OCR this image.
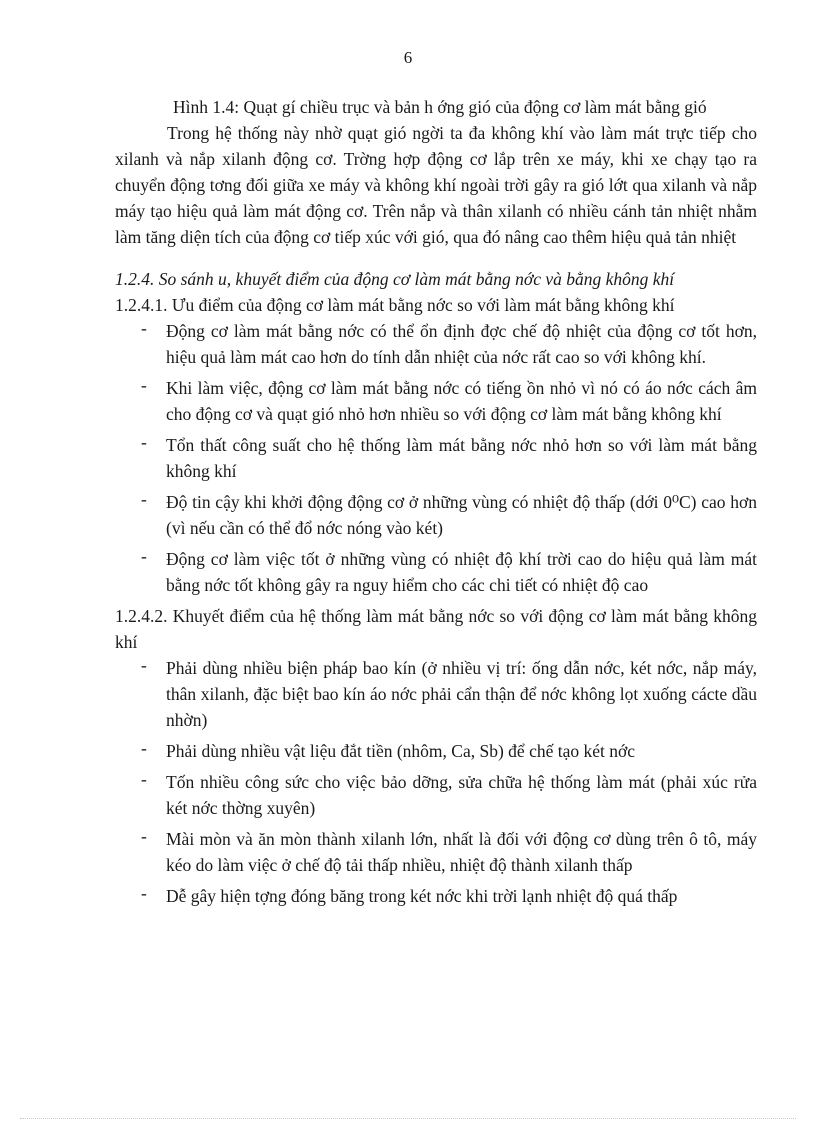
6

Hình 1.4: Quạt gí chiều trục và bản h ớng gió của động cơ làm mát bằng gió

Trong hệ thống này nhờ quạt gió ngời ta đa không khí vào làm mát trực tiếp cho xilanh và nắp xilanh động cơ. Trờng hợp động cơ lắp trên xe máy, khi xe chạy tạo ra chuyển động tơng đối giữa xe máy và không khí ngoài trời gây ra gió lớt qua xilanh và nắp máy tạo hiệu quả làm mát động cơ. Trên nắp và thân xilanh có nhiều cánh tản nhiệt nhằm làm tăng diện tích của động cơ tiếp xúc với gió, qua đó nâng cao thêm hiệu quả tản nhiệt

1.2.4. So sánh u, khuyết điểm của động cơ làm mát bằng nớc và bằng không khí

1.2.4.1. Ưu điểm của động cơ làm mát bằng nớc so với làm mát bằng không khí

- Động cơ làm mát bằng nớc có thể ổn định đợc chế độ nhiệt của động cơ tốt hơn, hiệu quả làm mát cao hơn do tính dẫn nhiệt của nớc rất cao so với không khí.
- Khi làm việc, động cơ làm mát bằng nớc có tiếng ồn nhỏ vì nó có áo nớc cách âm cho động cơ và quạt gió nhỏ hơn nhiều so với động cơ làm mát bằng không khí
- Tổn thất công suất cho hệ thống làm mát bằng nớc nhỏ hơn so với làm mát bằng không khí
- Độ tin cậy khi khởi động động cơ ở những vùng có nhiệt độ thấp (dới 0⁰C) cao hơn (vì nếu cần có thể đổ nớc nóng vào két)
- Động cơ làm việc tốt ở những vùng có nhiệt độ khí trời cao do hiệu quả làm mát bằng nớc tốt không gây ra nguy hiểm cho các chi tiết có nhiệt độ cao

1.2.4.2. Khuyết điểm của hệ thống làm mát bằng nớc so với động cơ làm mát bằng không khí

- Phải dùng nhiều biện pháp bao kín (ở nhiều vị trí: ống dẫn nớc, két nớc, nắp máy, thân xilanh, đặc biệt bao kín áo nớc phải cẩn thận để nớc không lọt xuống cácte dầu nhờn)
- Phải dùng nhiều vật liệu đắt tiền (nhôm, Ca, Sb) để chế tạo két nớc
- Tốn nhiều công sức cho việc bảo dỡng, sửa chữa hệ thống làm mát (phải xúc rửa két nớc thờng xuyên)
- Mài mòn và ăn mòn thành xilanh lớn, nhất là đối với động cơ dùng trên ô tô, máy kéo do làm việc ở chế độ tải thấp nhiều, nhiệt độ thành xilanh thấp
- Dễ gây hiện tợng đóng băng trong két nớc khi trời lạnh nhiệt độ quá thấp
